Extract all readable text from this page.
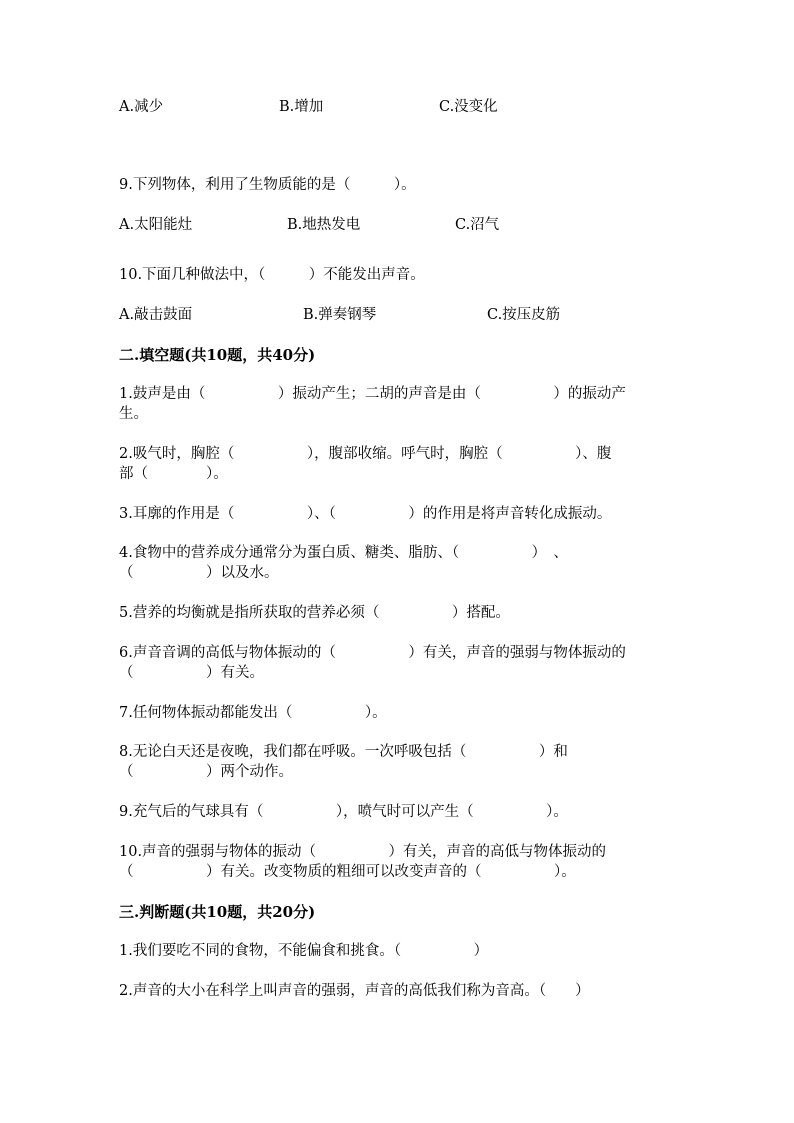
A.减少	B.增加	C.没变化
9.下列物体，利用了生物质能的是（　　　）。
A.太阳能灶	B.地热发电	C.沼气
10.下面几种做法中，（　　　）不能发出声音。
A.敲击鼓面	B.弹奏钢琴	C.按压皮筋
二.填空题(共10题，共40分)
1.鼓声是由（　　　　　）振动产生；二胡的声音是由（　　　　　）的振动产
生。
2.吸气时，胸腔（　　　　　），腹部收缩。呼气时，胸腔（　　　　　）、腹
部（　　　　）。
3.耳廓的作用是（　　　　　）、（　　　　　）的作用是将声音转化成振动。
4.食物中的营养成分通常分为蛋白质、糖类、脂肪、（　　　　　）　、
（　　　　　）以及水。
5.营养的均衡就是指所获取的营养必须（　　　　　）搭配。
6.声音音调的高低与物体振动的（　　　　　）有关，声音的强弱与物体振动的
（　　　　　）有关。
7.任何物体振动都能发出（　　　　　）。
8.无论白天还是夜晚，我们都在呼吸。一次呼吸包括（　　　　　）和
（　　　　　）两个动作。
9.充气后的气球具有（　　　　　），喷气时可以产生（　　　　　）。
10.声音的强弱与物体的振动（　　　　　）有关，声音的高低与物体振动的
（　　　　　）有关。改变物质的粗细可以改变声音的（　　　　　）。
三.判断题(共10题，共20分)
1.我们要吃不同的食物，不能偏食和挑食。（　　　　　）
2.声音的大小在科学上叫声音的强弱，声音的高低我们称为音高。（　　）
